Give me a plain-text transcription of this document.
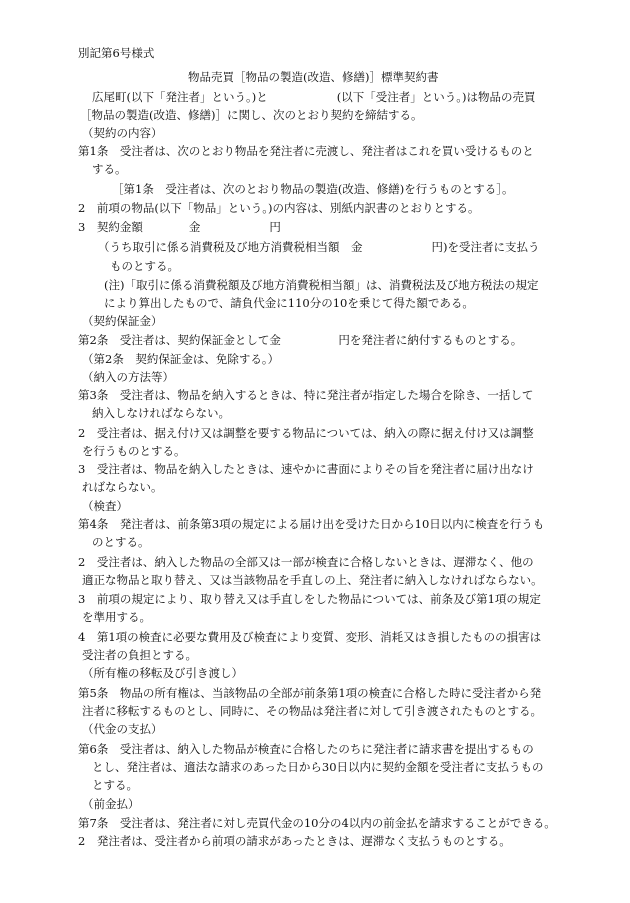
別記第6号様式
物品売買［物品の製造(改造、修繕)］標準契約書
広尾町(以下「発注者」という。)と　　　　　　(以下「受注者」という。)は物品の売買
［物品の製造(改造、修繕)］に関し、次のとおり契約を締結する。
（契約の内容）
第1条　受注者は、次のとおり物品を発注者に売渡し、発注者はこれを買い受けるものと
する。
［第1条　受注者は、次のとおり物品の製造(改造、修繕)を行うものとする］。
2　前項の物品(以下「物品」という。)の内容は、別紙内訳書のとおりとする。
3　契約金額　　　　金　　　　　　円
（うち取引に係る消費税及び地方消費税相当額　金　　　　　　円)を受注者に支払う
ものとする。
(注)「取引に係る消費税額及び地方消費税相当額」は、消費税法及び地方税法の規定
により算出したもので、請負代金に110分の10を乗じて得た額である。
（契約保証金）
第2条　受注者は、契約保証金として金　　　　　円を発注者に納付するものとする。
（第2条　契約保証金は、免除する。）
（納入の方法等）
第3条　受注者は、物品を納入するときは、特に発注者が指定した場合を除き、一括して
納入しなければならない。
2　受注者は、据え付け又は調整を要する物品については、納入の際に据え付け又は調整
を行うものとする。
3　受注者は、物品を納入したときは、速やかに書面によりその旨を発注者に届け出なけ
ればならない。
（検査）
第4条　発注者は、前条第3項の規定による届け出を受けた日から10日以内に検査を行うも
のとする。
2　受注者は、納入した物品の全部又は一部が検査に合格しないときは、遅滞なく、他の
適正な物品と取り替え、又は当該物品を手直しの上、発注者に納入しなければならない。
3　前項の規定により、取り替え又は手直しをした物品については、前条及び第1項の規定
を準用する。
4　第1項の検査に必要な費用及び検査により変質、変形、消耗又はき損したものの損害は
受注者の負担とする。
（所有権の移転及び引き渡し）
第5条　物品の所有権は、当該物品の全部が前条第1項の検査に合格した時に受注者から発
注者に移転するものとし、同時に、その物品は発注者に対して引き渡されたものとする。
（代金の支払）
第6条　受注者は、納入した物品が検査に合格したのちに発注者に請求書を提出するもの
とし、発注者は、適法な請求のあった日から30日以内に契約金額を受注者に支払うもの
とする。
（前金払）
第7条　受注者は、発注者に対し売買代金の10分の4以内の前金払を請求することができる。
2　発注者は、受注者から前項の請求があったときは、遅滞なく支払うものとする。
